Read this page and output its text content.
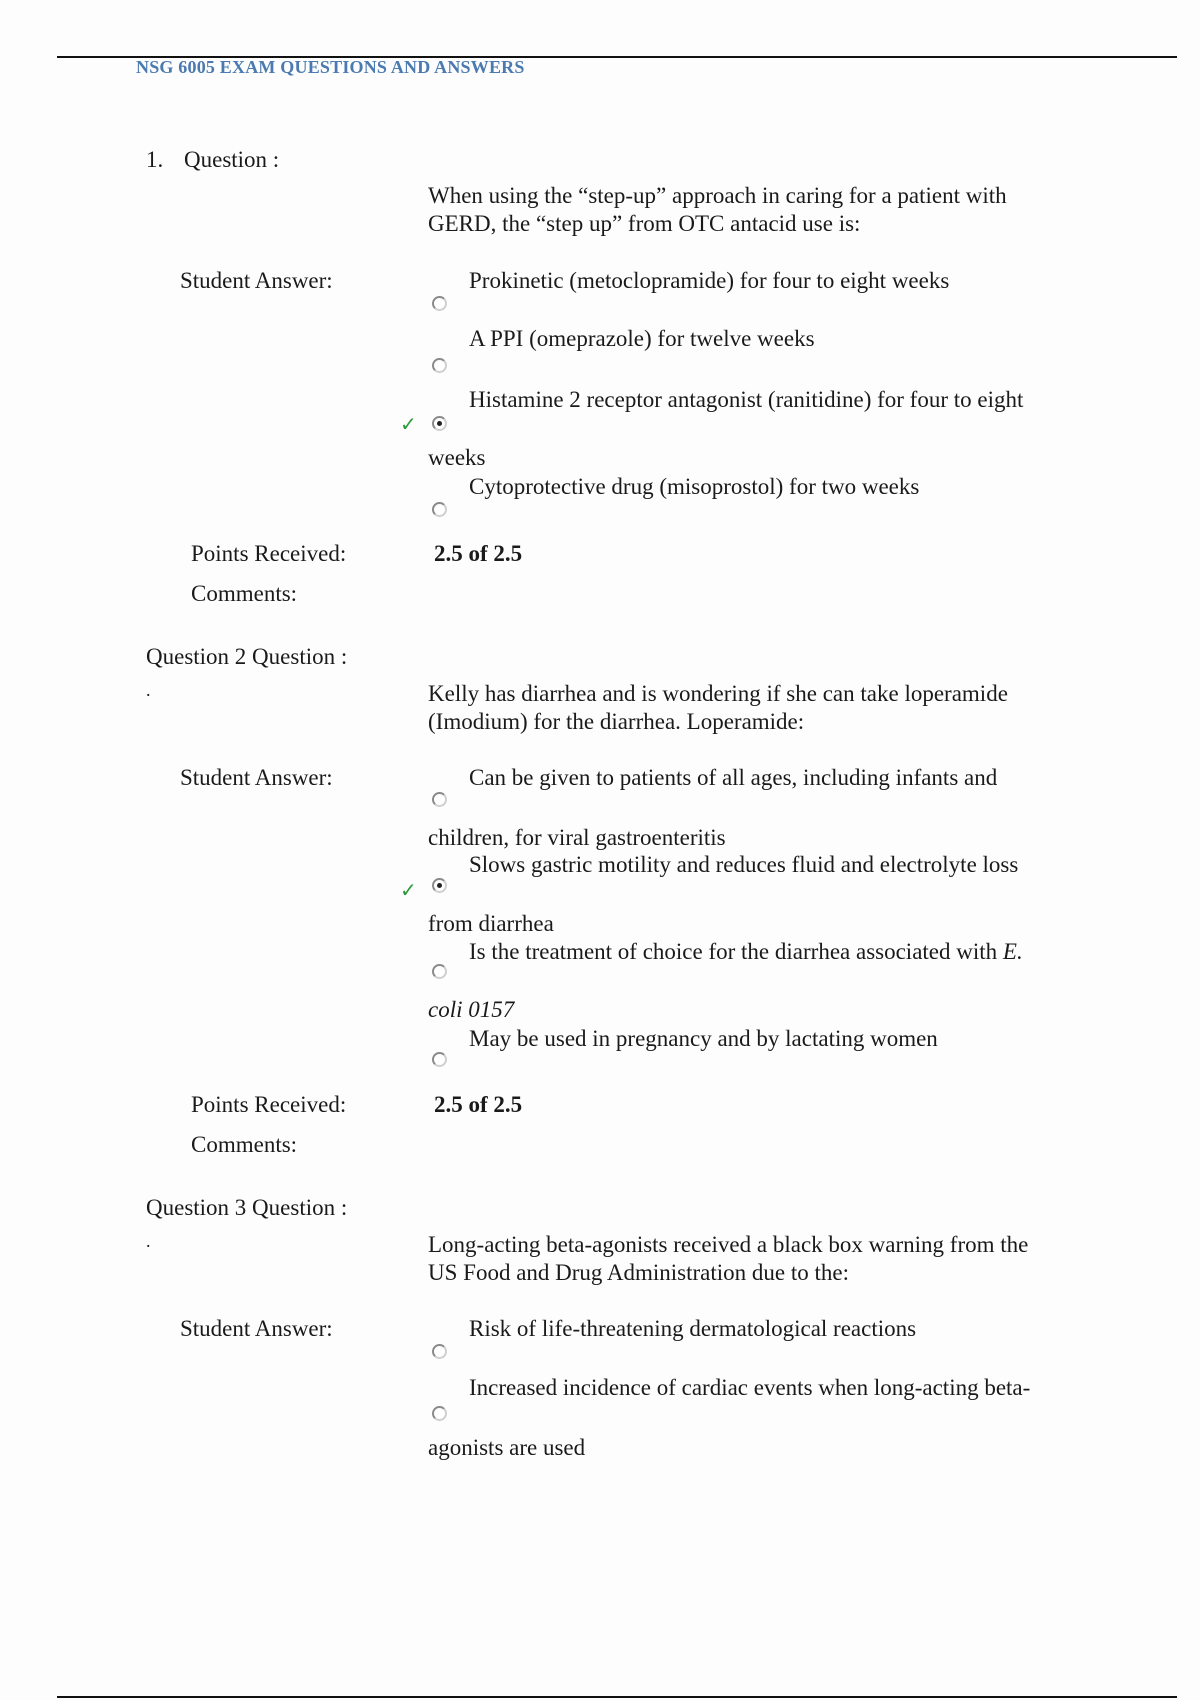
NSG 6005 EXAM QUESTIONS AND ANSWERS
1. Question :
When using the “step-up” approach in caring for a patient with
GERD, the “step up” from OTC antacid use is:
Student Answer:	Prokinetic (metoclopramide) for four to eight weeks
A PPI (omeprazole) for twelve weeks
Histamine 2 receptor antagonist (ranitidine) for four to eight
✓
weeks
Cytoprotective drug (misoprostol) for two weeks
Points Received:	2.5 of 2.5
Comments:
Question 2 Question :
.	Kelly has diarrhea and is wondering if she can take loperamide
(Imodium) for the diarrhea. Loperamide:
Student Answer:	Can be given to patients of all ages, including infants and
children, for viral gastroenteritis
Slows gastric motility and reduces fluid and electrolyte loss
✓
from diarrhea
Is the treatment of choice for the diarrhea associated with E.
coli 0157
May be used in pregnancy and by lactating women
Points Received:	2.5 of 2.5
Comments:
Question 3 Question :
.	Long-acting beta-agonists received a black box warning from the
US Food and Drug Administration due to the:
Student Answer:	Risk of life-threatening dermatological reactions
Increased incidence of cardiac events when long-acting beta-
agonists are used
